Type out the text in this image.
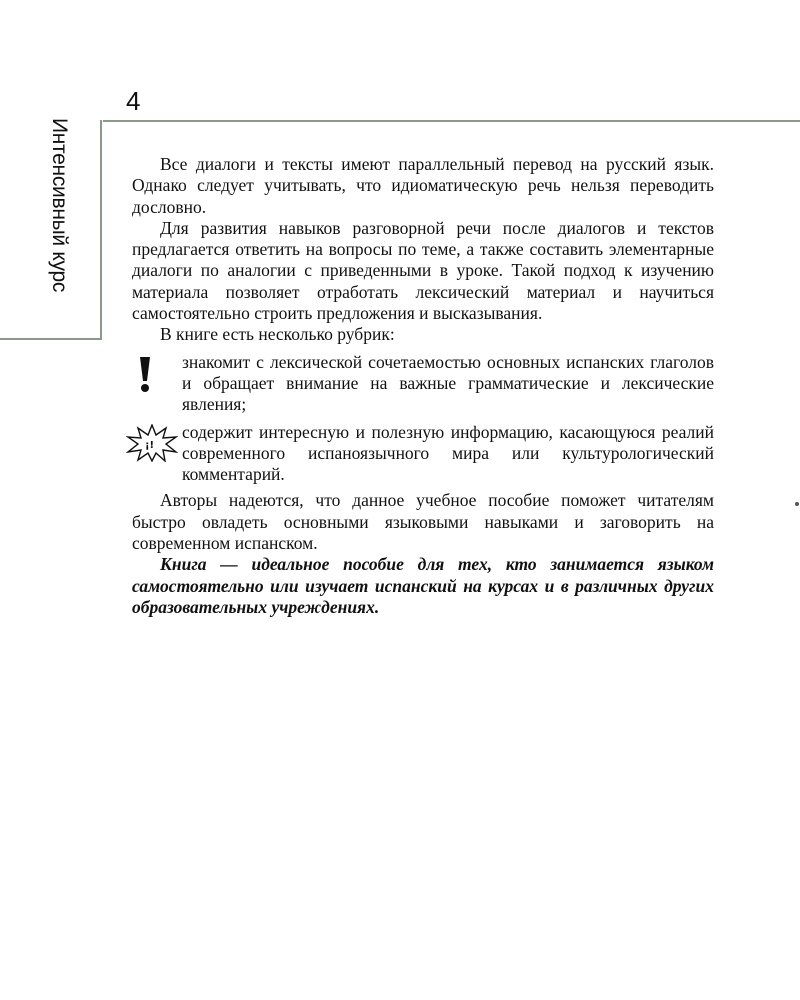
4
Интенсивный курс	Все диалоги и тексты имеют параллельный перевод на русский язык. Однако следует учитывать, что идиоматическую речь нельзя переводить дословно.

Для развития навыков разговорной речи после диалогов и текстов предлагается ответить на вопросы по теме, а также составить элементарные диалоги по аналогии с приведенными в уроке. Такой подход к изучению материала позволяет отработать лексический материал и научиться самостоятельно строить предложения и высказывания.

В книге есть несколько рубрик:

знакомит с лексической сочетаемостью основных испанских глаголов и обращает внимание на важные грамматические и лексические явления;

¡!

содержит интересную и полезную информацию, касающуюся реалий современного испаноязычного мира или культурологический комментарий.

Авторы надеются, что данное учебное пособие поможет читателям быстро овладеть основными языковыми навыками и заговорить на современном испанском.

Книга — идеальное пособие для тех, кто занимается языком самостоятельно или изучает испанский на курсах и в различных других образовательных учреждениях.
